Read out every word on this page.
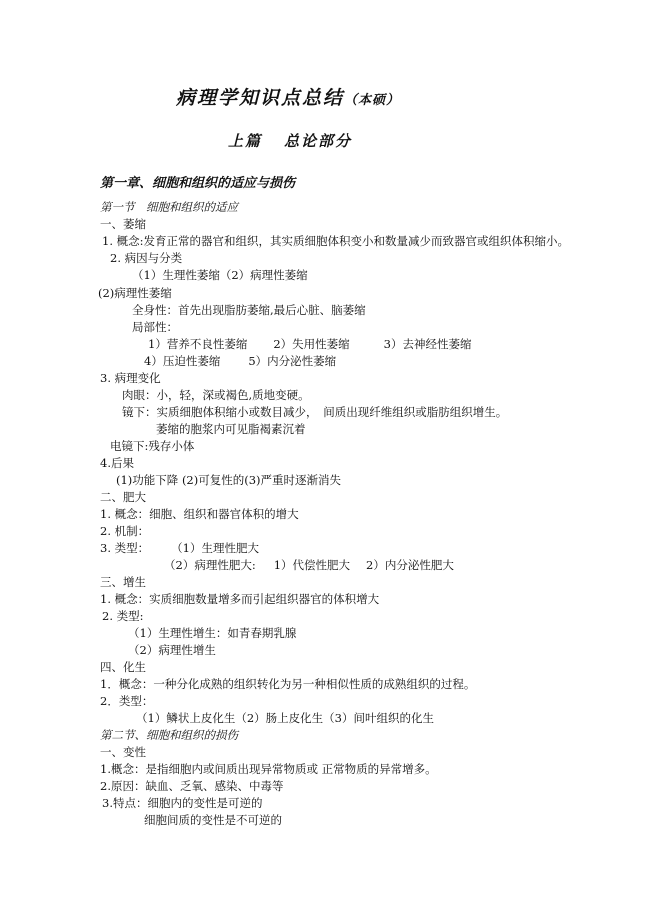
病理学知识点总结（本硕）
上篇 总论部分
第一章、细胞和组织的适应与损伤
第一节　细胞和组织的适应
一、萎缩
1. 概念:发育正常的器官和组织，其实质细胞体积变小和数量减少而致器官或组织体积缩小。
2. 病因与分类
（1）生理性萎缩（2）病理性萎缩
(2)病理性萎缩
全身性：首先出现脂肪萎缩,最后心脏、脑萎缩
局部性：
1）营养不良性萎缩 2）失用性萎缩	3）去神经性萎缩
4）压迫性萎缩 5）内分泌性萎缩
3. 病理变化
肉眼：小，轻，深或褐色,质地变硬。
镜下：实质细胞体积缩小或数目减少，　间质出现纤维组织或脂肪组织增生。
萎缩的胞浆内可见脂褐素沉着
电镜下:残存小体
4.后果
(1)功能下降 (2)可复性的(3)严重时逐渐消失
二、肥大
1. 概念：细胞、组织和器官体积的增大
2. 机制：
3. 类型： （1）生理性肥大
（2）病理性肥大: 1）代偿性肥大 2）内分泌性肥大
三、增生
1. 概念：实质细胞数量增多而引起组织器官的体积增大
2. 类型:
（1）生理性增生：如青春期乳腺
（2）病理性增生
四、化生
1．概念：一种分化成熟的组织转化为另一种相似性质的成熟组织的过程。
2．类型：
（1）鳞状上皮化生（2）肠上皮化生（3）间叶组织的化生
第二节、细胞和组织的损伤
一、变性
1.概念：是指细胞内或间质出现异常物质或 正常物质的异常增多。
2.原因：缺血、乏氧、感染、中毒等
3.特点：细胞内的变性是可逆的
细胞间质的变性是不可逆的
